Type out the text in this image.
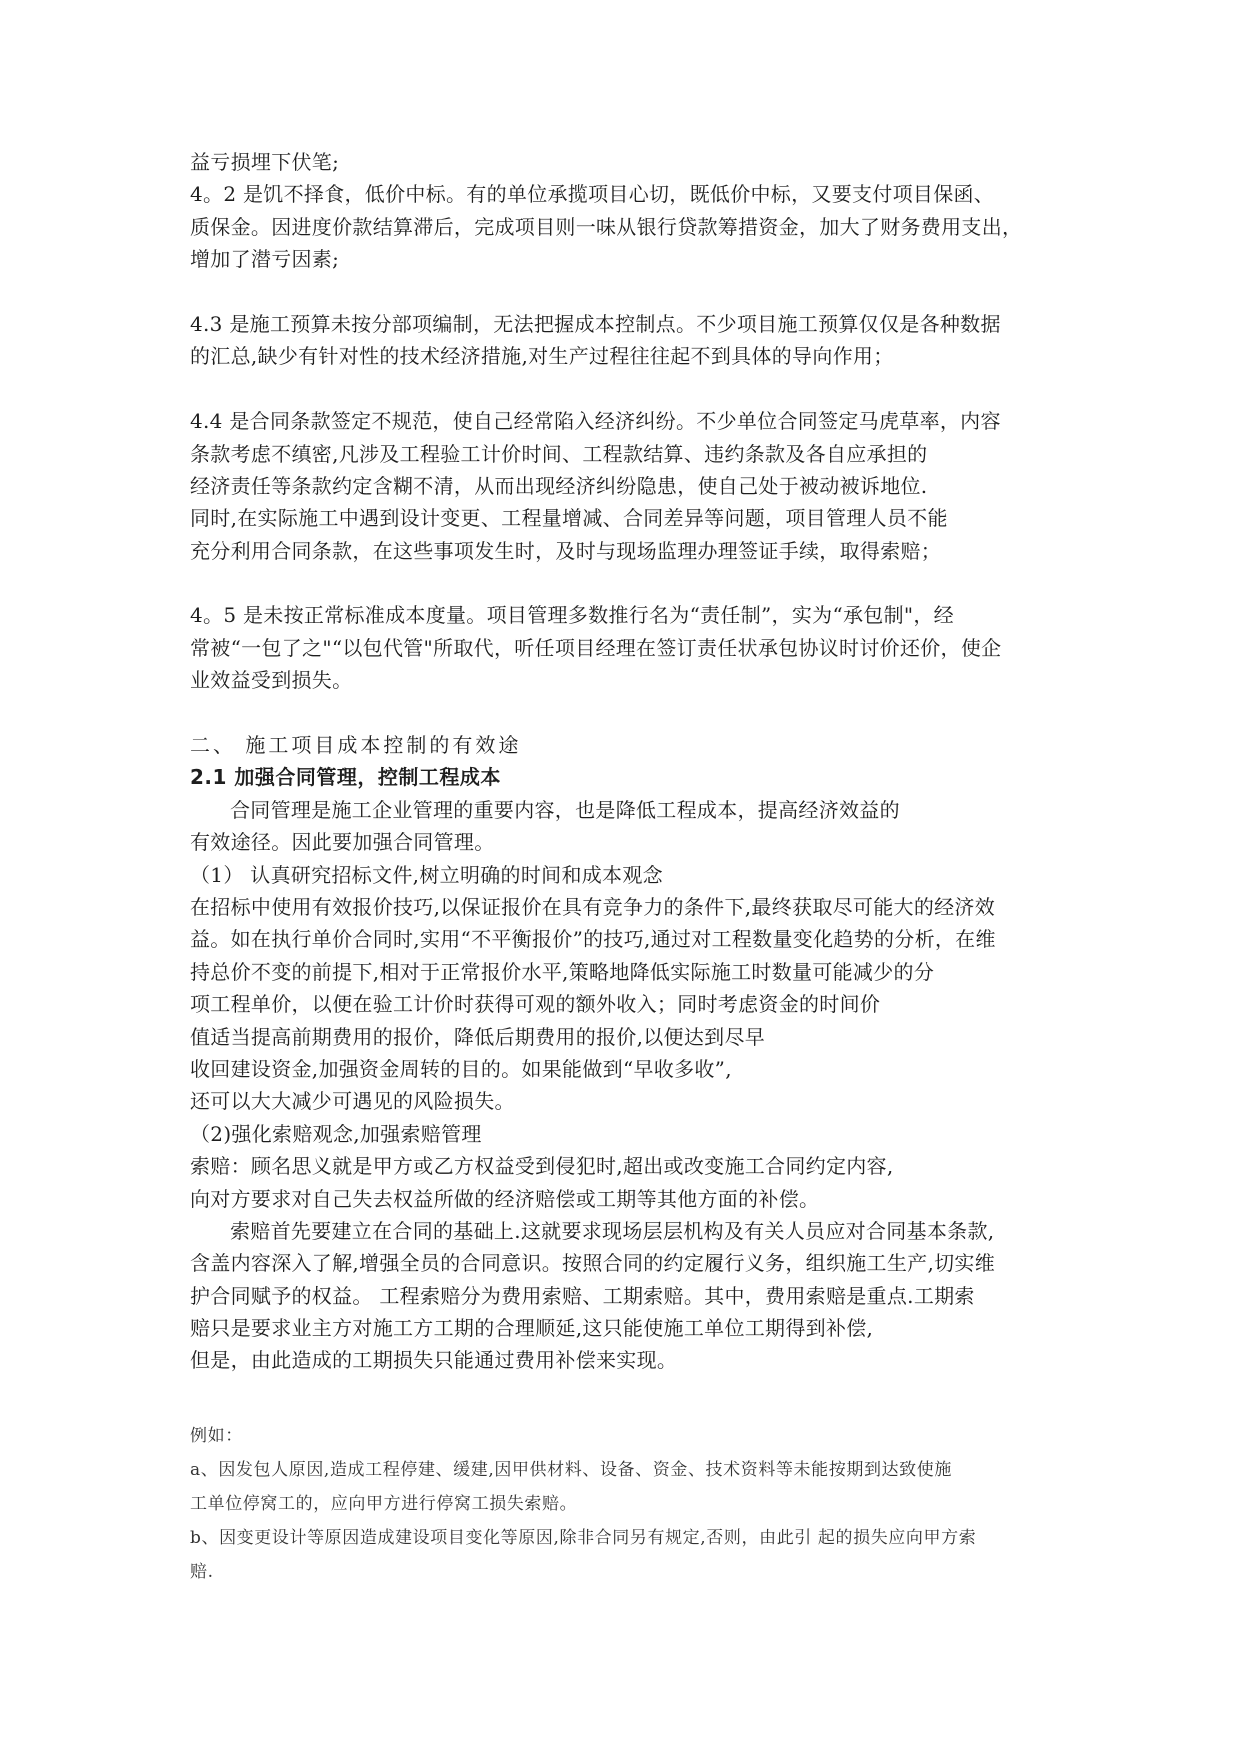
益亏损埋下伏笔;
4。2 是饥不择食，低价中标。有的单位承揽项目心切，既低价中标，又要支付项目保函、
质保金。因进度价款结算滞后，完成项目则一味从银行贷款筹措资金，加大了财务费用支出，
增加了潜亏因素;
4.3 是施工预算未按分部项编制，无法把握成本控制点。不少项目施工预算仅仅是各种数据
的汇总,缺少有针对性的技术经济措施,对生产过程往往起不到具体的导向作用；
4.4 是合同条款签定不规范，使自己经常陷入经济纠纷。不少单位合同签定马虎草率，内容
条款考虑不缜密,凡涉及工程验工计价时间、工程款结算、违约条款及各自应承担的
经济责任等条款约定含糊不清，从而出现经济纠纷隐患，使自己处于被动被诉地位.
同时,在实际施工中遇到设计变更、工程量增减、合同差异等问题，项目管理人员不能
充分利用合同条款，在这些事项发生时，及时与现场监理办理签证手续，取得索赔；
4。5 是未按正常标准成本度量。项目管理多数推行名为“责任制”，实为“承包制"，经
常被“一包了之"“以包代管"所取代，听任项目经理在签订责任状承包协议时讨价还价，使企
业效益受到损失。
二、 施工项目成本控制的有效途
2.1 加强合同管理，控制工程成本
合同管理是施工企业管理的重要内容，也是降低工程成本，提高经济效益的
有效途径。因此要加强合同管理。
（1） 认真研究招标文件,树立明确的时间和成本观念
在招标中使用有效报价技巧,以保证报价在具有竞争力的条件下,最终获取尽可能大的经济效
益。如在执行单价合同时,实用“不平衡报价”的技巧,通过对工程数量变化趋势的分析，在维
持总价不变的前提下,相对于正常报价水平,策略地降低实际施工时数量可能减少的分
项工程单价，以便在验工计价时获得可观的额外收入；同时考虑资金的时间价
值适当提高前期费用的报价，降低后期费用的报价,以便达到尽早
收回建设资金,加强资金周转的目的。如果能做到“早收多收”,
还可以大大减少可遇见的风险损失。
（2)强化索赔观念,加强索赔管理
索赔：顾名思义就是甲方或乙方权益受到侵犯时,超出或改变施工合同约定内容,
向对方要求对自己失去权益所做的经济赔偿或工期等其他方面的补偿。
索赔首先要建立在合同的基础上.这就要求现场层层机构及有关人员应对合同基本条款,
含盖内容深入了解,增强全员的合同意识。按照合同的约定履行义务，组织施工生产,切实维
护合同赋予的权益。 工程索赔分为费用索赔、工期索赔。其中，费用索赔是重点.工期索
赔只是要求业主方对施工方工期的合理顺延,这只能使施工单位工期得到补偿,
但是，由此造成的工期损失只能通过费用补偿来实现。
例如：
a、因发包人原因,造成工程停建、缓建,因甲供材料、设备、资金、技术资料等未能按期到达致使施
工单位停窝工的，应向甲方进行停窝工损失索赔。
b、因变更设计等原因造成建设项目变化等原因,除非合同另有规定,否则，由此引 起的损失应向甲方索
赔.
